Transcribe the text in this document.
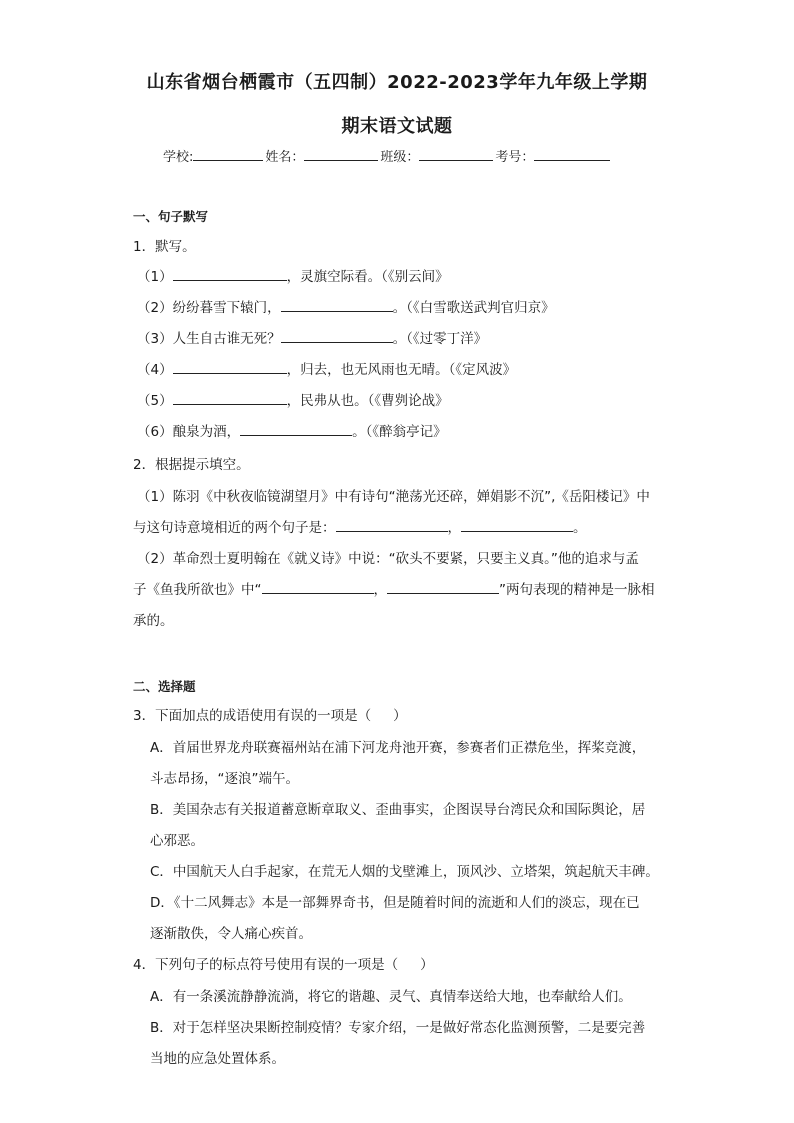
山东省烟台栖霞市（五四制）2022-2023学年九年级上学期
期末语文试题
学校:	姓名：	班级：	考号：
一、句子默写
1．默写。
（1）	，灵旗空际看。（《别云间》
（2）纷纷暮雪下辕门，	。（《白雪歌送武判官归京》
（3）人生自古谁无死？	。（《过零丁洋》
（4）	，归去，也无风雨也无晴。（《定风波》
（5）	，民弗从也。（《曹刿论战》
（6）酿泉为酒，	。（《醉翁亭记》
2．根据提示填空。
（1）陈羽《中秋夜临镜湖望月》中有诗句“滟荡光还碎，婵娟影不沉”,《岳阳楼记》中
与这句诗意境相近的两个句子是：	，	。
（2）革命烈士夏明翰在《就义诗》中说：“砍头不要紧，只要主义真。”他的追求与孟
子《鱼我所欲也》中“	，	”两句表现的精神是一脉相
承的。
二、选择题
3．下面加点的成语使用有误的一项是（ ）
A．首届世界龙舟联赛福州站在浦下河龙舟池开赛，参赛者们正襟危坐，挥桨竞渡，
斗志昂扬，“逐浪”端午。
B．美国杂志有关报道蓄意断章取义、歪曲事实，企图误导台湾民众和国际舆论，居
心邪恶。
C．中国航天人白手起家，在荒无人烟的戈壁滩上，顶风沙、立塔架，筑起航天丰碑。
D．《十二风舞志》本是一部舞界奇书，但是随着时间的流逝和人们的淡忘，现在已
逐渐散佚，令人痛心疾首。
4．下列句子的标点符号使用有误的一项是（ ）
A．有一条溪流静静流淌，将它的谐趣、灵气、真情奉送给大地，也奉献给人们。
B．对于怎样坚决果断控制疫情？专家介绍，一是做好常态化监测预警，二是要完善
当地的应急处置体系。
